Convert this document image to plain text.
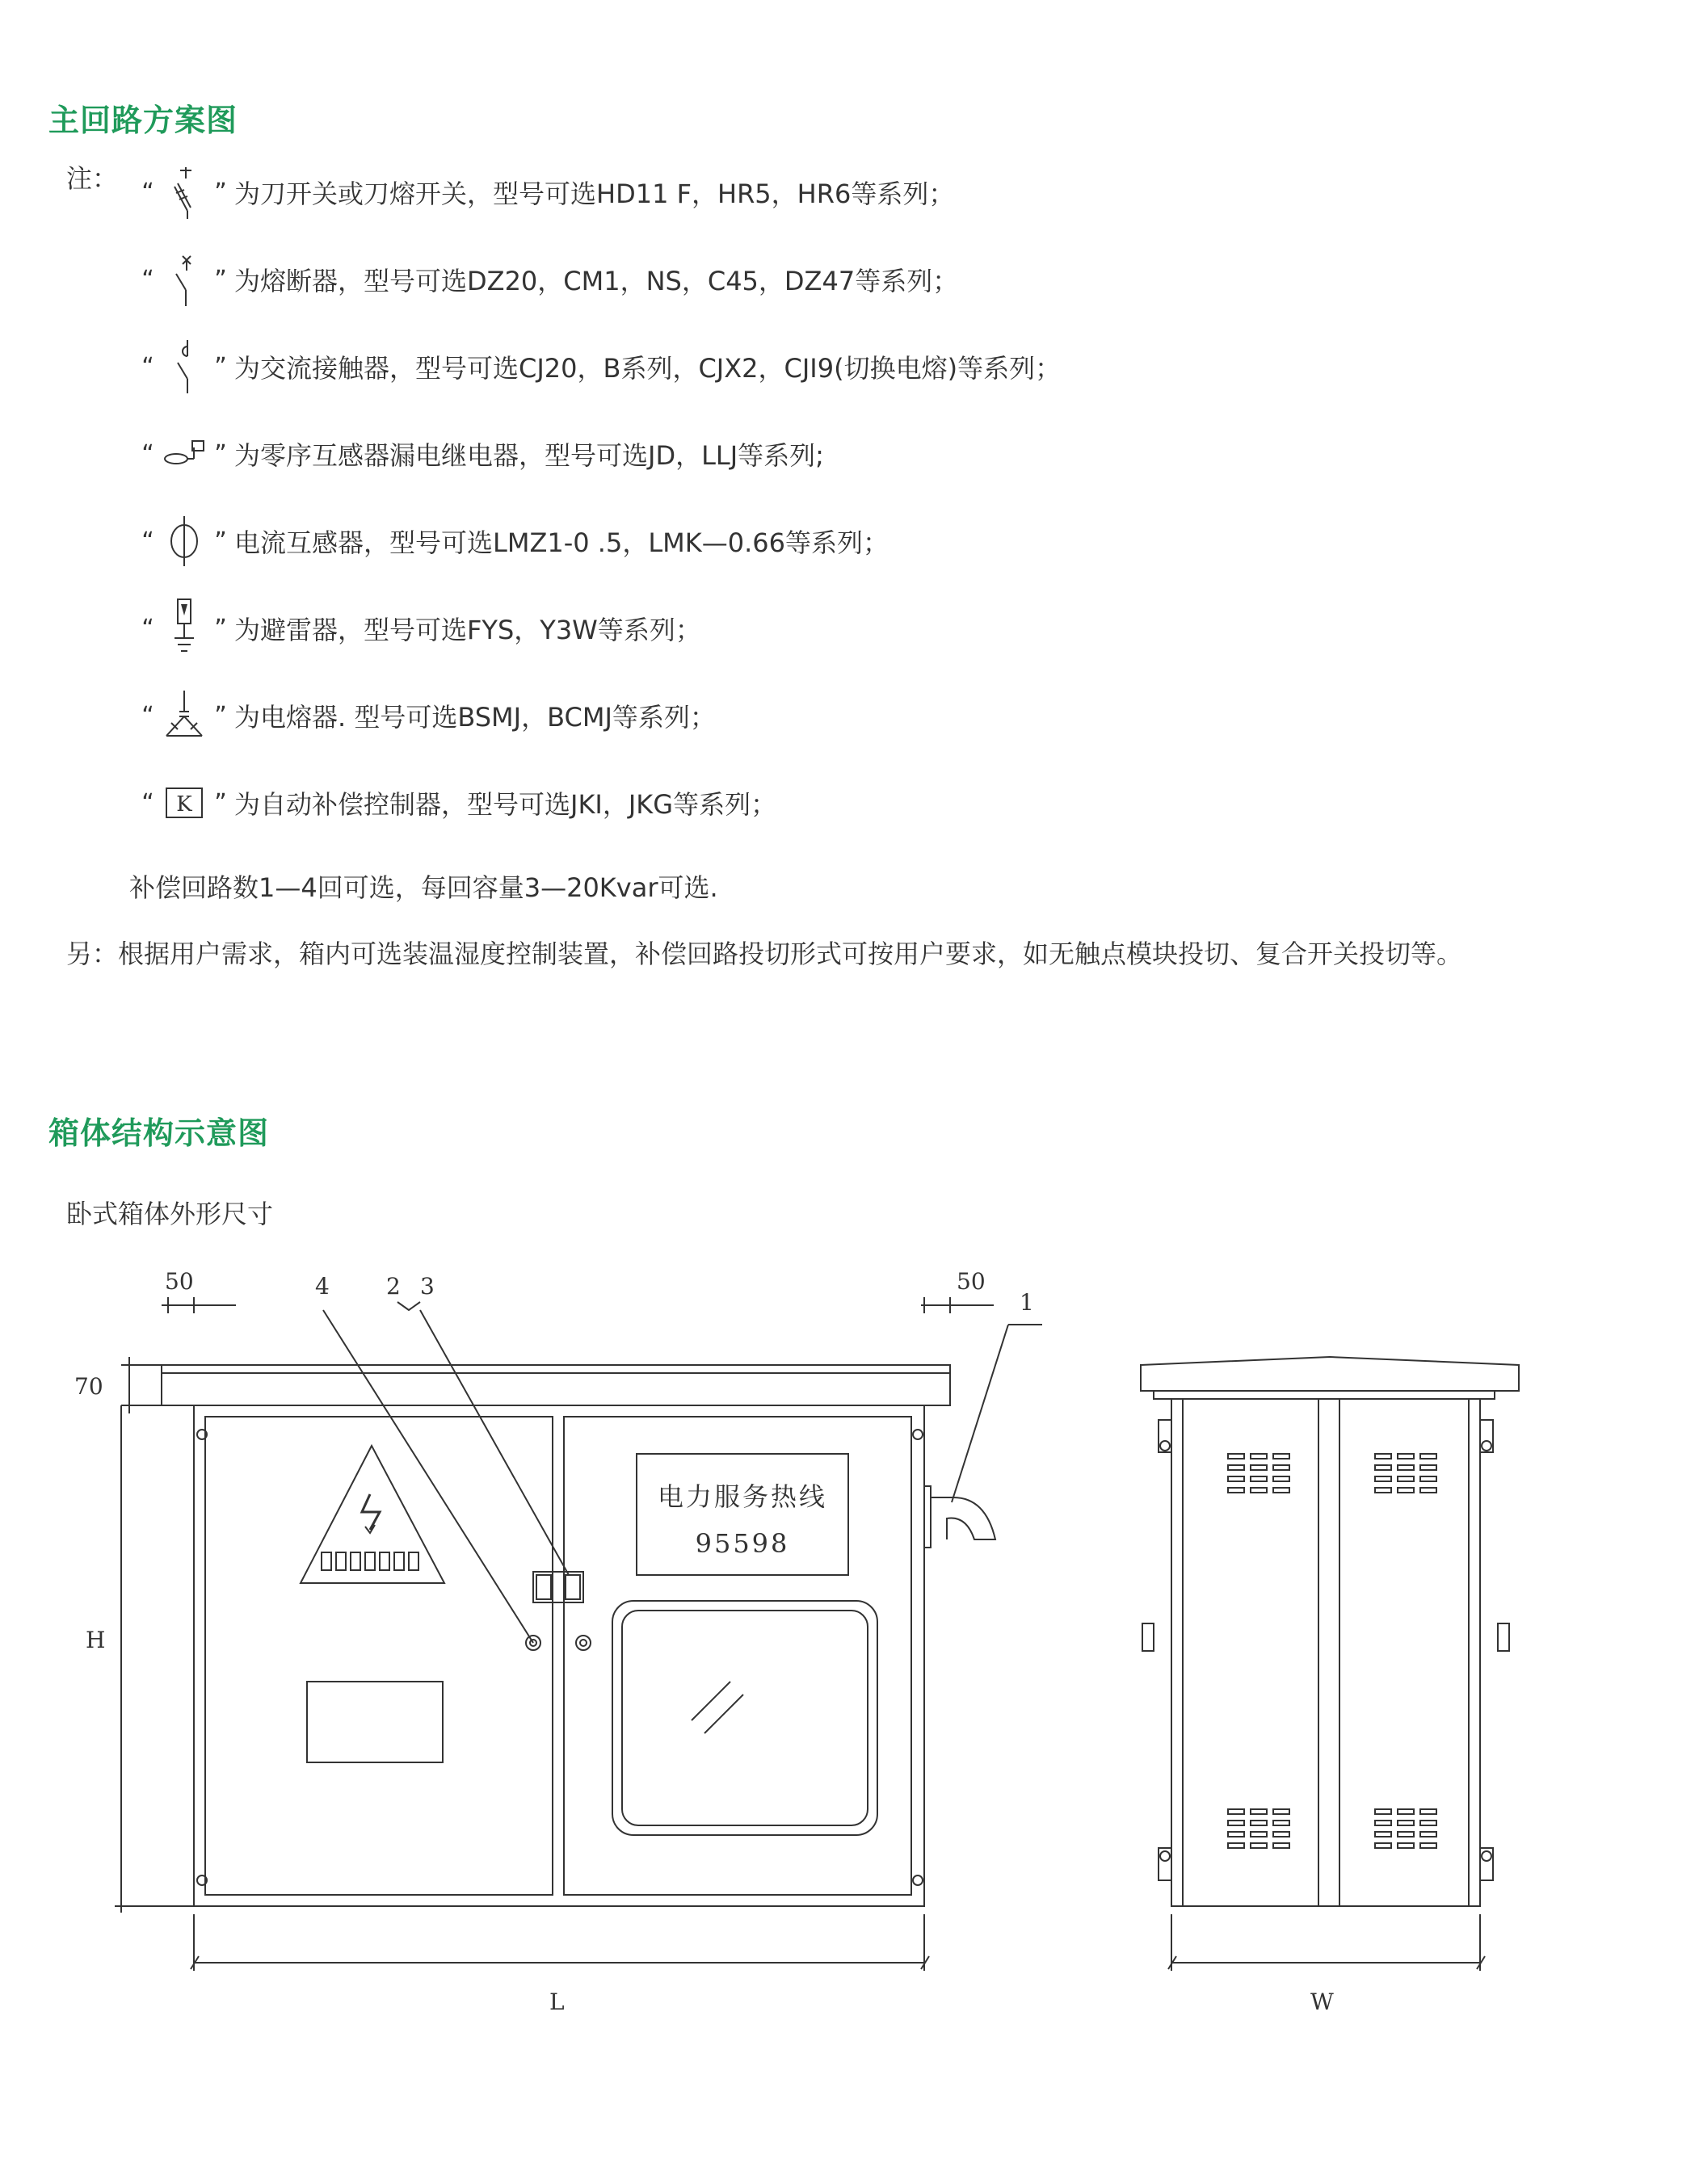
主回路方案图
注： “ ” 为刀开关或刀熔开关，型号可选HD11 F，HR5，HR6等系列；
“ ” 为熔断器，型号可选DZ20，CM1，NS，C45，DZ47等系列；
“ ” 为交流接触器，型号可选CJ20，B系列，CJX2，CJI9(切换电熔)等系列；
“ ” 为零序互感器漏电继电器，型号可选JD，LLJ等系列;
“ ” 电流互感器，型号可选LMZ1-0 .5，LMK—0.66等系列；
“ ” 为避雷器，型号可选FYS，Y3W等系列；
“ ” 为电熔器. 型号可选BSMJ，BCMJ等系列；
“ K ” 为自动补偿控制器，型号可选JKI，JKG等系列；
补偿回路数1—4回可选，每回容量3—20Kvar可选.
另：根据用户需求，箱内可选装温湿度控制装置，补偿回路投切形式可按用户要求，如无触点模块投切、复合开关投切等。
箱体结构示意图
卧式箱体外形尺寸
50	50
70
H
L	W
1
2 3
4
电力服务热线
95598
